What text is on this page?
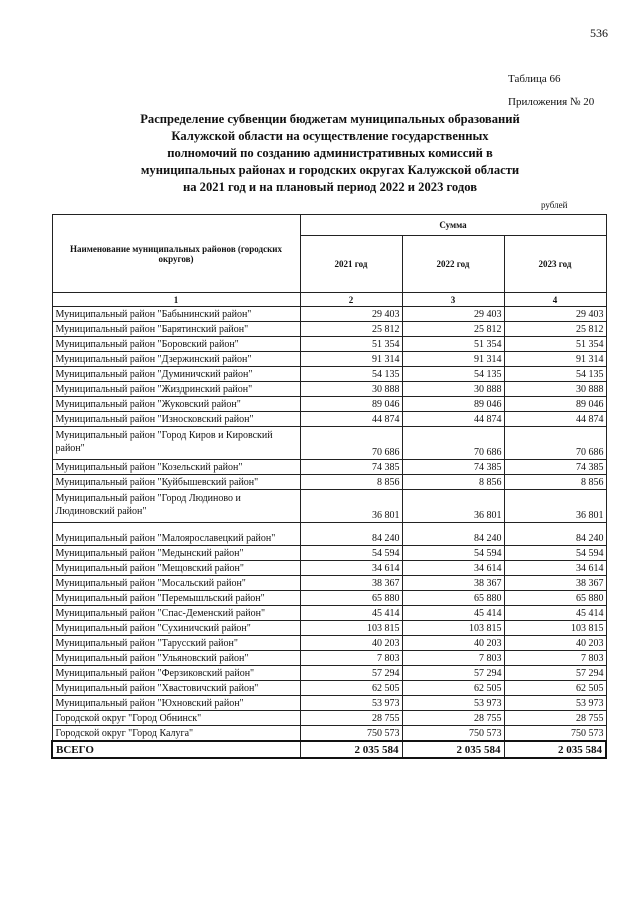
536
Таблица 66
Приложения № 20
Распределение субвенции бюджетам муниципальных образований
Калужской области на осуществление государственных
полномочий по созданию административных комиссий в
муниципальных районах и городских округах Калужской области
на 2021 год и на плановый период 2022 и 2023 годов
рублей
Наименование муниципальных районов (городских округов)	Сумма		
	2021 год	2022 год	2023 год
1	2	3	4
Муниципальный район "Бабынинский район"	29 403	29 403	29 403
Муниципальный район "Барятинский район"	25 812	25 812	25 812
Муниципальный район "Боровский район"	51 354	51 354	51 354
Муниципальный район "Дзержинский район"	91 314	91 314	91 314
Муниципальный район "Думиничский район"	54 135	54 135	54 135
Муниципальный район "Жиздринский район"	30 888	30 888	30 888
Муниципальный район "Жуковский район"	89 046	89 046	89 046
Муниципальный район "Износковский район"	44 874	44 874	44 874
Муниципальный район "Город Киров и Кировский район"	70 686	70 686	70 686
Муниципальный район "Козельский район"	74 385	74 385	74 385
Муниципальный район "Куйбышевский район"	8 856	8 856	8 856
Муниципальный район "Город Людиново и Людиновский район"	36 801	36 801	36 801
Муниципальный район "Малоярославецкий район"	84 240	84 240	84 240
Муниципальный район "Медынский район"	54 594	54 594	54 594
Муниципальный район "Мещовский район"	34 614	34 614	34 614
Муниципальный район "Мосальский район"	38 367	38 367	38 367
Муниципальный район "Перемышльский район"	65 880	65 880	65 880
Муниципальный район "Спас-Деменский район"	45 414	45 414	45 414
Муниципальный район "Сухиничский район"	103 815	103 815	103 815
Муниципальный район "Тарусский район"	40 203	40 203	40 203
Муниципальный район "Ульяновский район"	7 803	7 803	7 803
Муниципальный район "Ферзиковский район"	57 294	57 294	57 294
Муниципальный район "Хвастовичский район"	62 505	62 505	62 505
Муниципальный район "Юхновский район"	53 973	53 973	53 973
Городской округ "Город Обнинск"	28 755	28 755	28 755
Городской округ "Город Калуга"	750 573	750 573	750 573
ВСЕГО	2 035 584	2 035 584	2 035 584
